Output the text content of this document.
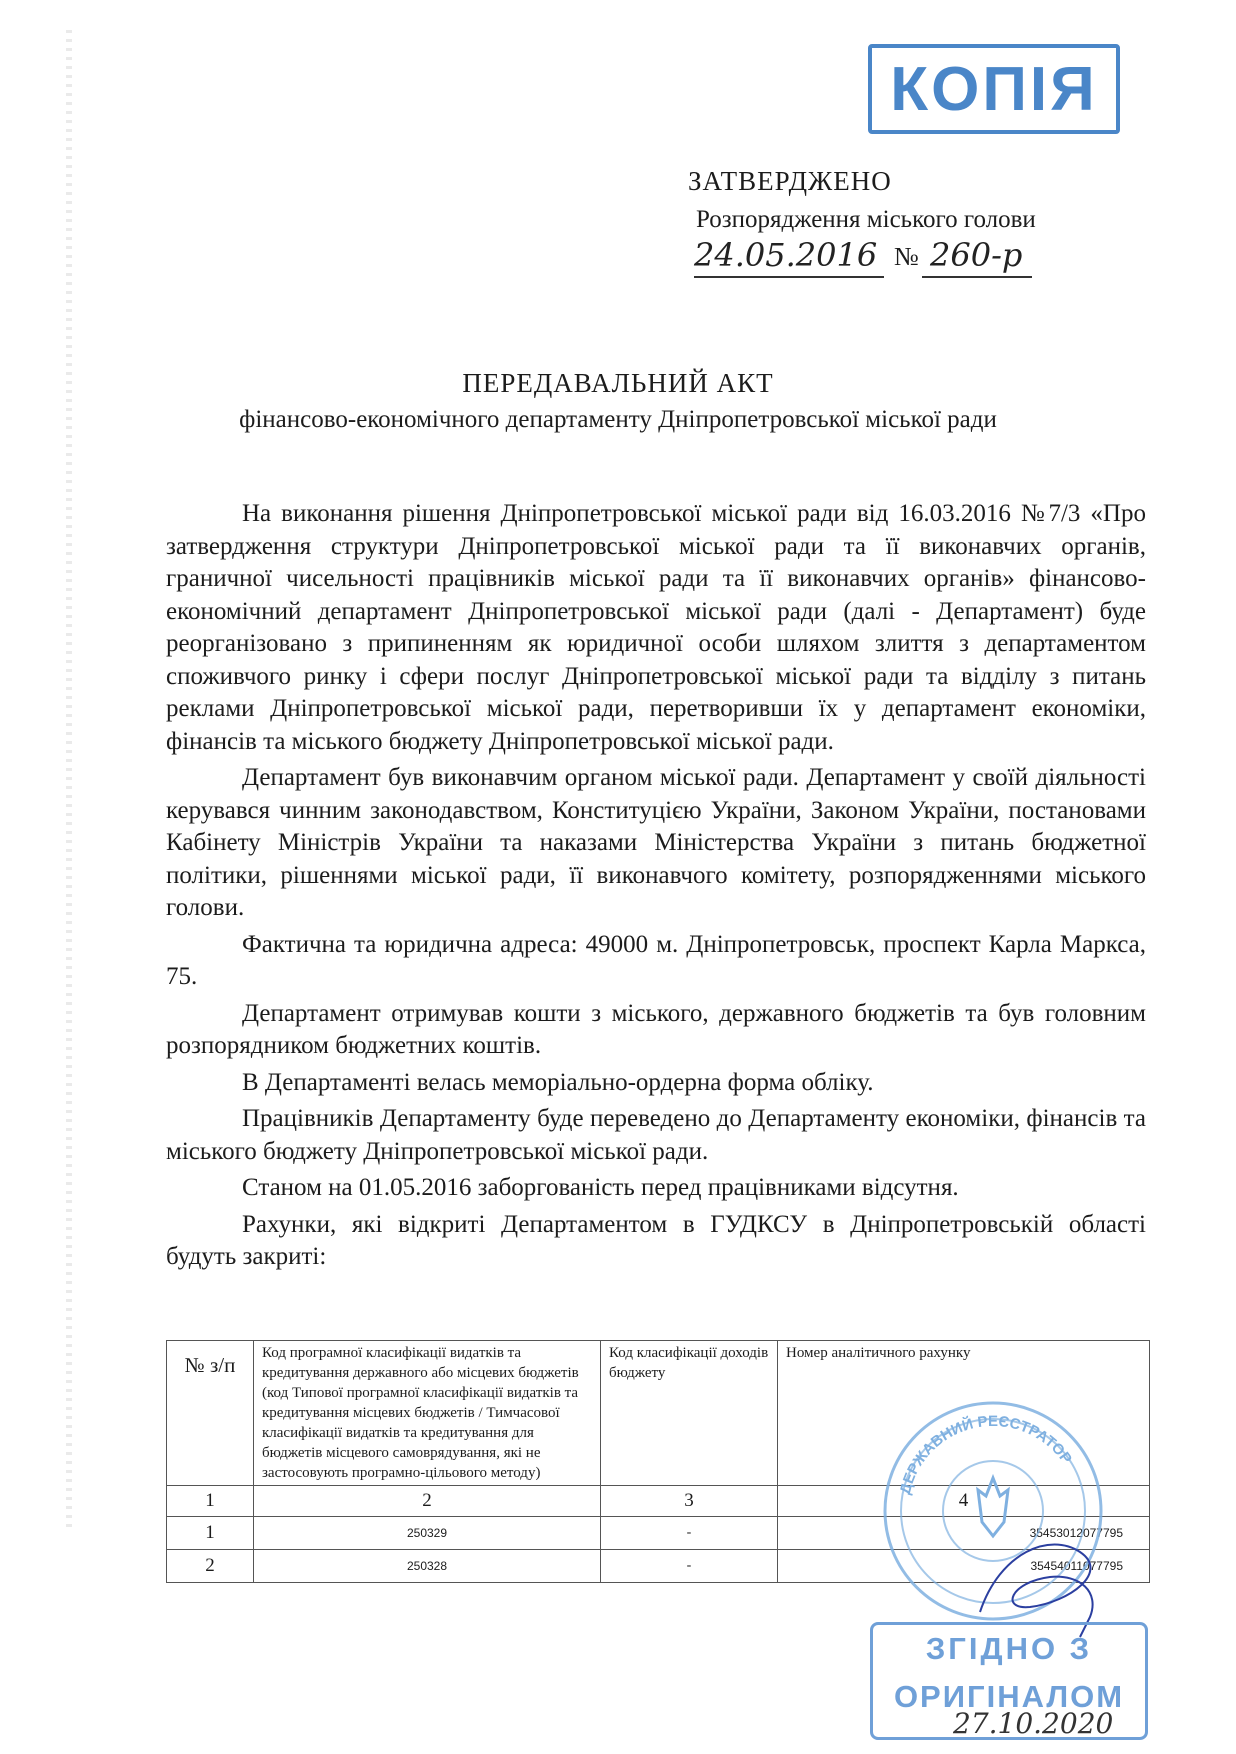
КОПІЯ
ЗАТВЕРДЖЕНО
Розпорядження міського голови
24.05.2016 № 260-р
ПЕРЕДАВАЛЬНИЙ АКТ
фінансово-економічного департаменту Дніпропетровської міської ради

На виконання рішення Дніпропетровської міської ради від 16.03.2016 №7/3 «Про затвердження структури Дніпропетровської міської ради та її виконавчих органів, граничної чисельності працівників міської ради та її виконавчих органів» фінансово-економічний департамент Дніпропетровської міської ради (далі - Департамент) буде реорганізовано з припиненням як юридичної особи шляхом злиття з департаментом споживчого ринку і сфери послуг Дніпропетровської міської ради та відділу з питань реклами Дніпропетровської міської ради, перетворивши їх у департамент економіки, фінансів та міського бюджету Дніпропетровської міської ради.

Департамент був виконавчим органом міської ради. Департамент у своїй діяльності керувався чинним законодавством, Конституцією України, Законом України, постановами Кабінету Міністрів України та наказами Міністерства України з питань бюджетної політики, рішеннями міської ради, її виконавчого комітету, розпорядженнями міського голови.

Фактична та юридична адреса: 49000 м. Дніпропетровськ, проспект Карла Маркса, 75.

Департамент отримував кошти з міського, державного бюджетів та був головним розпорядником бюджетних коштів.

В Департаменті велась меморіально-ордерна форма обліку.

Працівників Департаменту буде переведено до Департаменту економіки, фінансів та міського бюджету Дніпропетровської міської ради.

Станом на 01.05.2016 заборгованість перед працівниками відсутня.

Рахунки, які відкриті Департаментом в ГУДКСУ в Дніпропетровській області будуть закриті:

№ з/п	Код програмної класифікації видатків та кредитування державного або місцевих бюджетів (код Типової програмної класифікації видатків та кредитування місцевих бюджетів / Тимчасової класифікації видатків та кредитування для бюджетів місцевого самоврядування, які не застосовують програмно-цільового методу)	Код класифікації доходів бюджету	Номер аналітичного рахунку
1	2	3	4
1	250329	-	35453012077795
2	250328	-	35454011077795
ДЕРЖАВНИЙ РЕЄСТРАТОР
ЗГІДНО З
ОРИГІНАЛОМ
27.10.2020
